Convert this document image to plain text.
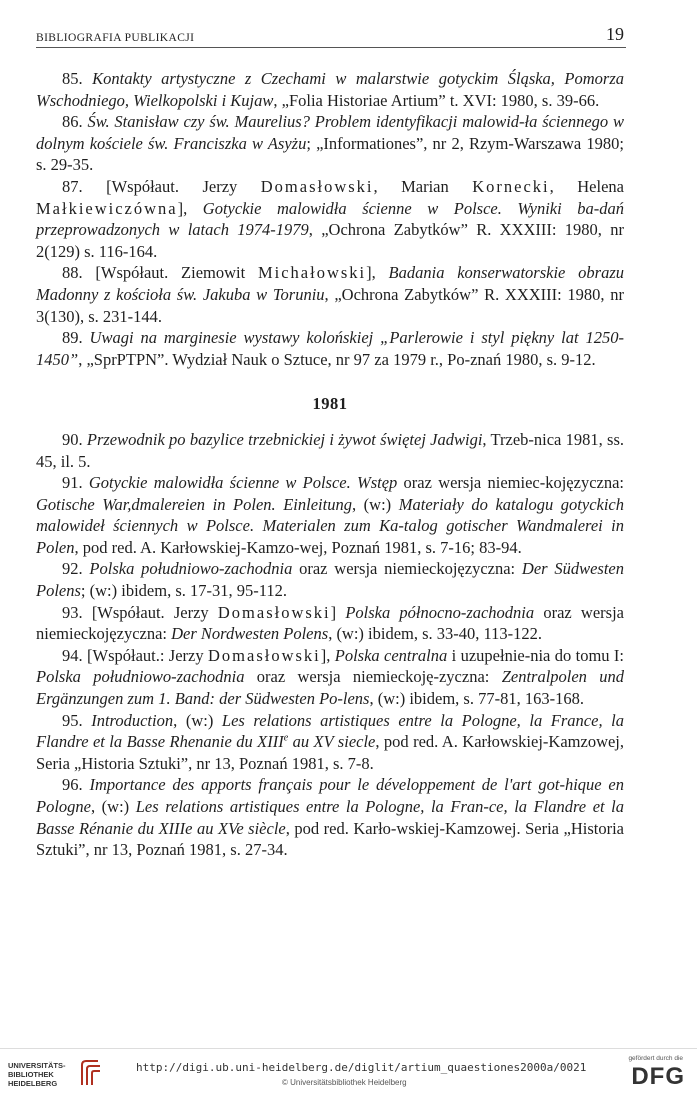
BIBLIOGRAFIA PUBLIKACJI	19

85. Kontakty artystyczne z Czechami w malarstwie gotyckim Śląska, Pomorza Wschodniego, Wielkopolski i Kujaw, „Folia Historiae Artium” t. XVI: 1980, s. 39-66.

86. Św. Stanisław czy św. Maurelius? Problem identyfikacji malowid-ła ściennego w dolnym kościele św. Franciszka w Asyżu; „Informationes”, nr 2, Rzym-Warszawa 1980; s. 29-35.

87. [Współaut. Jerzy Domasłowski, Marian Kornecki, Helena Małkiewiczówna], Gotyckie malowidła ścienne w Polsce. Wyniki ba-dań przeprowadzonych w latach 1974-1979, „Ochrona Zabytków” R. XXXIII: 1980, nr 2(129) s. 116-164.

88. [Współaut. Ziemowit Michałowski], Badania konserwatorskie obrazu Madonny z kościoła św. Jakuba w Toruniu, „Ochrona Zabytków” R. XXXIII: 1980, nr 3(130), s. 231-144.

89. Uwagi na marginesie wystawy kolońskiej „Parlerowie i styl piękny lat 1250-1450”, „SprPTPN”. Wydział Nauk o Sztuce, nr 97 za 1979 r., Po-znań 1980, s. 9-12.

1981

90. Przewodnik po bazylice trzebnickiej i żywot świętej Jadwigi, Trzeb-nica 1981, ss. 45, il. 5.

91. Gotyckie malowidła ścienne w Polsce. Wstęp oraz wersja niemiec-kojęzyczna: Gotische War,dmalereien in Polen. Einleitung, (w:) Materiały do katalogu gotyckich malowideł ściennych w Polsce. Materialen zum Ka-talog gotischer Wandmalerei in Polen, pod red. A. Karłowskiej-Kamzo-wej, Poznań 1981, s. 7-16; 83-94.

92. Polska południowo-zachodnia oraz wersja niemieckojęzyczna: Der Südwesten Polens; (w:) ibidem, s. 17-31, 95-112.

93. [Współaut. Jerzy Domasłowski] Polska północno-zachodnia oraz wersja niemieckojęzyczna: Der Nordwesten Polens, (w:) ibidem, s. 33-40, 113-122.

94. [Współaut.: Jerzy Domasłowski], Polska centralna i uzupełnie-nia do tomu I: Polska południowo-zachodnia oraz wersja niemieckoję-zyczna: Zentralpolen und Ergänzungen zum 1. Band: der Südwesten Po-lens, (w:) ibidem, s. 77-81, 163-168.

95. Introduction, (w:) Les relations artistiques entre la Pologne, la France, la Flandre et la Basse Rhenanie du XIIIe au XV siecle, pod red. A. Karłowskiej-Kamzowej, Seria „Historia Sztuki”, nr 13, Poznań 1981, s. 7-8.

96. Importance des apports français pour le développement de l'art got-hique en Pologne, (w:) Les relations artistiques entre la Pologne, la Fran-ce, la Flandre et la Basse Rénanie du XIIIe au XVe siècle, pod red. Karło-wskiej-Kamzowej. Seria „Historia Sztuki”, nr 13, Poznań 1981, s. 27-34.

UNIVERSITÄTS-
BIBLIOTHEK
HEIDELBERG
http://digi.ub.uni-heidelberg.de/diglit/artium_quaestiones2000a/0021
© Universitätsbibliothek Heidelberg
gefördert durch die
DFG
